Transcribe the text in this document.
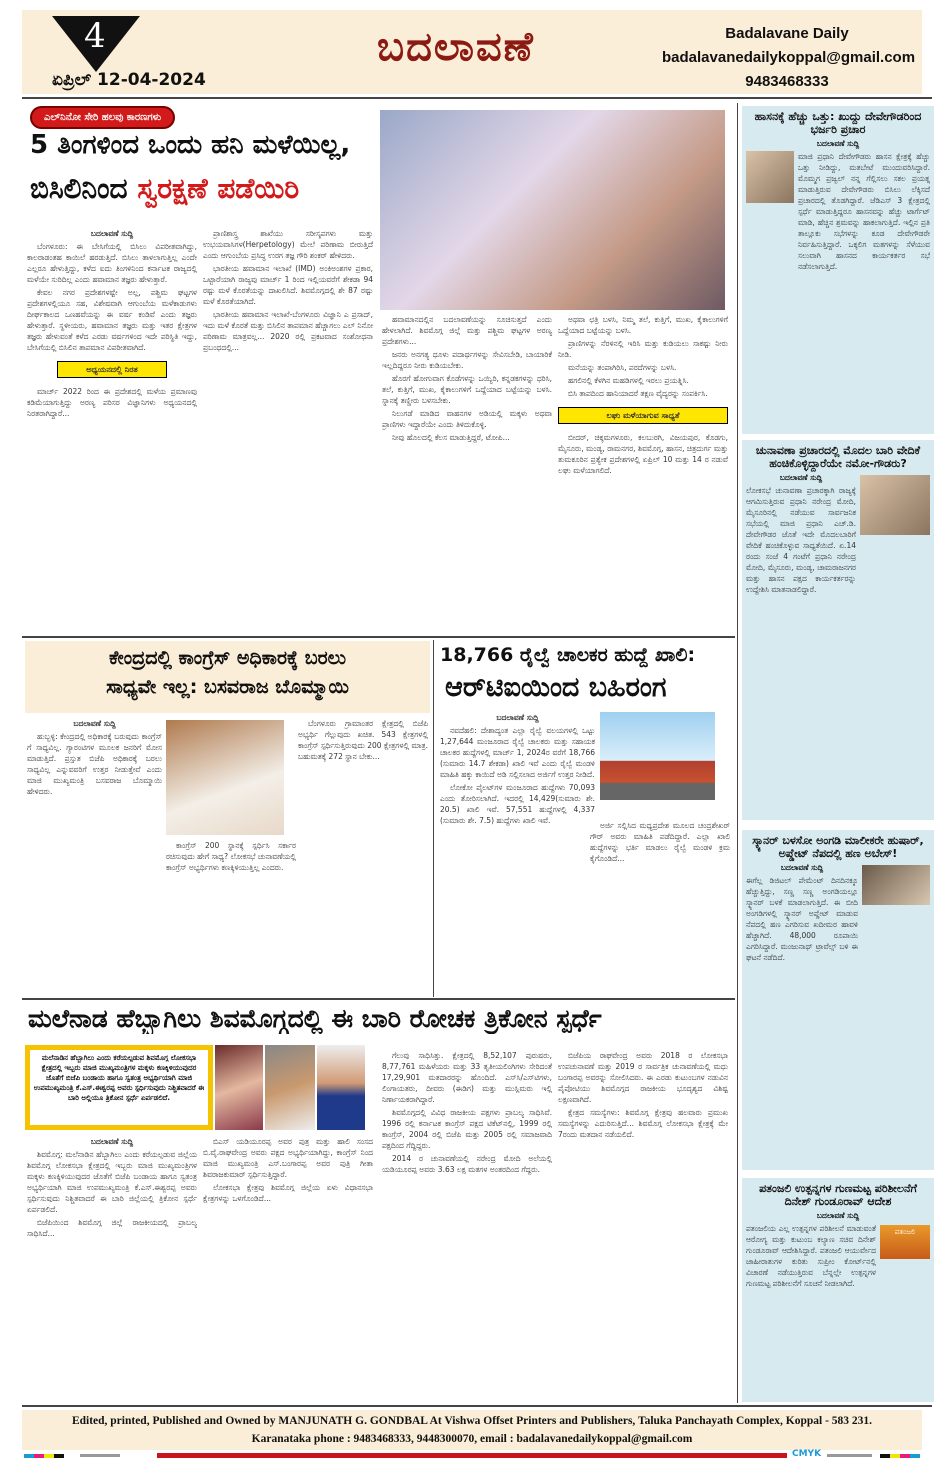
4
ಏಪ್ರಿಲ್ 12-04-2024
ಬದಲಾವಣೆ	Badalavane Daily
badalavanedailykoppal@gmail.com
9483468333
ಎಲ್‌ನಿನೋ ಸೇರಿ ಹಲವು ಕಾರಣಗಳು
5 ತಿಂಗಳಿಂದ ಒಂದು ಹನಿ ಮಳೆಯಿಲ್ಲ,
ಬಿಸಿಲಿನಿಂದ ಸ್ವರಕ್ಷಣೆ ಪಡೆಯಿರಿ
ಬದಲಾವಣೆ ಸುದ್ದಿ

ಬೆಂಗಳೂರು: ಈ ಬೇಸಿಗೆಯಲ್ಲಿ ಬಿಸಿಲು ವಿಪರೀತವಾಗಿದ್ದು, ಕಾಲರಾಡಂತಹ ಕಾಯಿಲೆ ಹರಡುತ್ತಿದೆ. ಬಿಸಿಲು ತಾಳಲಾಗುತ್ತಿಲ್ಲ ಎಂದೇ ಎಲ್ಲರೂ ಹೇಳುತ್ತಿದ್ದು, ಕಳೆದ ಐದು ತಿಂಗಳಿನಿಂದ ಕರ್ನಾಟಕ ರಾಜ್ಯದಲ್ಲಿ ಮಳೆಯೇ ಸುರಿದಿಲ್ಲ ಎಂದು ಹವಾಮಾನ ತಜ್ಞರು ಹೇಳುತ್ತಾರೆ.

ಕೇವಲ ನಗರ ಪ್ರದೇಶಗಳಷ್ಟೇ ಅಲ್ಲ, ಪಶ್ಚಿಮ ಘಟ್ಟಗಳ ಪ್ರದೇಶಗಳಲ್ಲಿಯೂ ಸಹ, ವಿಶೇಷವಾಗಿ ಆಗುಂಬೆಯ ಮಳೆಕಾಡುಗಳು ದೀರ್ಘಕಾಲದ ಒಣಹವೆಯನ್ನು ಈ ವರ್ಷ ಕಂಡಿವೆ ಎಂದು ತಜ್ಞರು ಹೇಳುತ್ತಾರೆ. ಸ್ಥಳೀಯರು, ಹವಾಮಾನ ತಜ್ಞರು ಮತ್ತು ಇತರ ಕ್ಷೇತ್ರಗಳ ತಜ್ಞರು ಹೇಳುವಂತೆ ಕಳೆದ ಎರಡು ವರ್ಷಗಳಿಂದ ಇದೇ ಪರಿಸ್ಥಿತಿ ಇದ್ದು, ಬೇಸಿಗೆಯಲ್ಲಿ ಬಿಸಿಲಿನ ತಾಪಮಾನ ವಿಪರೀತವಾಗಿದೆ.

ಅಧ್ಯಯನದಲ್ಲಿ ನಿರತ

ಮಾರ್ಚ್ 2022 ರಿಂದ ಈ ಪ್ರದೇಶದಲ್ಲಿ ಮಳೆಯ ಪ್ರಮಾಣವು ಕಡಿಮೆಯಾಗುತ್ತಿದ್ದು ಅರಣ್ಯ ಪರಿಸರ ವಿಜ್ಞಾನಿಗಳು ಅಧ್ಯಯನದಲ್ಲಿ ನಿರತರಾಗಿದ್ದಾರೆ...

ಪ್ರಾಣಿಶಾಸ್ತ್ರ ಶಾಖೆಯು ಸರೀಸೃಪಗಳು ಮತ್ತು ಉಭಯವಾಸಿಗಳ(Herpetology) ಮೇಲೆ ಪರಿಣಾಮ ಬೀರುತ್ತಿದೆ ಎಂದು ಆಗುಂಬೆಯ ಪ್ರಸಿದ್ಧ ಉರಗ ತಜ್ಞ ಗೌರಿ ಶಂಕರ್ ಹೇಳಿದರು.

ಭಾರತೀಯ ಹವಾಮಾನ ಇಲಾಖೆ (IMD) ಅಂಕಿಅಂಶಗಳ ಪ್ರಕಾರ, ಒಟ್ಟಾರೆಯಾಗಿ ರಾಜ್ಯವು ಮಾರ್ಚ್ 1 ರಿಂದ ಇಲ್ಲಿಯವರೆಗೆ ಶೇಕಡಾ 94 ರಷ್ಟು ಮಳೆ ಕೊರತೆಯನ್ನು ದಾಖಲಿಸಿದೆ. ಶಿವಮೊಗ್ಗದಲ್ಲಿ ಶೇ 87 ರಷ್ಟು ಮಳೆ ಕೊರತೆಯಾಗಿದೆ.

ಭಾರತೀಯ ಹವಾಮಾನ ಇಲಾಖೆ-ಬೆಂಗಳೂರು ವಿಜ್ಞಾನಿ ಎ ಪ್ರಸಾದ್, ಇದು ಮಳೆ ಕೊರತೆ ಮತ್ತು ಬಿಸಿಲಿನ ತಾಪಮಾನ ಹೆಚ್ಚಾಗಲು ಎಲ್ ನಿನೋ ಪರಿಣಾಮ ಮಾತ್ರವಲ್ಲ... 2020 ರಲ್ಲಿ ಪ್ರಕಟವಾದ ಸಂಶೋಧನಾ ಪ್ರಬಂಧದಲ್ಲಿ...

ಹವಾಮಾನದಲ್ಲಿನ ಬದಲಾವಣೆಯನ್ನು ಸೂಚಿಸುತ್ತದೆ ಎಂದು ಹೇಳಲಾಗಿದೆ. ಶಿವಮೊಗ್ಗ ಜಿಲ್ಲೆ ಮತ್ತು ಪಶ್ಚಿಮ ಘಟ್ಟಗಳ ಅರಣ್ಯ ಪ್ರದೇಶಗಳು...

ಜನರು ಅನಗತ್ಯ ಧೂಳು ಪದಾರ್ಥಗಳನ್ನು ಸೇವಿಸಬೇಡಿ, ಬಾಯಾರಿಕೆ ಇಲ್ಲದಿದ್ದರೂ ನೀರು ಕುಡಿಯಬೇಕು.

ಹೊರಗೆ ಹೋಗುವಾಗ ಕೊಡೆಗಳನ್ನು ಒಯ್ಯಿರಿ, ಕನ್ನಡಕಗಳನ್ನು ಧರಿಸಿ, ತಲೆ, ಕುತ್ತಿಗೆ, ಮುಖ, ಕೈಕಾಲುಗಳಿಗೆ ಒದ್ದೆಯಾದ ಬಟ್ಟೆಯನ್ನು ಬಳಸಿ. ಸ್ನಾನಕ್ಕೆ ತಣ್ಣೀರು ಬಳಸಬೇಕು.

ನಿಲುಗಡೆ ಮಾಡಿದ ವಾಹನಗಳ ಅಡಿಯಲ್ಲಿ ಮಕ್ಕಳು ಅಥವಾ ಪ್ರಾಣಿಗಳು ಇದ್ದಾರೆಯೇ ಎಂದು ತಿಳಿದುಕೊಳ್ಳಿ.

ನೀವು ಹೊಲದಲ್ಲಿ ಕೆಲಸ ಮಾಡುತ್ತಿದ್ದರೆ, ಟೋಪಿ...

ಅಥವಾ ಛತ್ರಿ ಬಳಸಿ, ನಿಮ್ಮ ತಲೆ, ಕುತ್ತಿಗೆ, ಮುಖ, ಕೈಕಾಲುಗಳಿಗೆ ಒದ್ದೆಯಾದ ಬಟ್ಟೆಯನ್ನು ಬಳಸಿ.

ಪ್ರಾಣಿಗಳನ್ನು ನೆರಳಿನಲ್ಲಿ ಇರಿಸಿ ಮತ್ತು ಕುಡಿಯಲು ಸಾಕಷ್ಟು ನೀರು ನೀಡಿ.

ಮನೆಯನ್ನು ತಂಪಾಗಿರಿಸಿ, ಪರದೆಗಳನ್ನು ಬಳಸಿ.

ಹಗಲಿನಲ್ಲಿ ಕೆಳಗಿನ ಮಹಡಿಗಳಲ್ಲಿ ಇರಲು ಪ್ರಯತ್ನಿಸಿ.

ಬಿಸಿ ತಾಪದಿಂದ ಹಾನಿಯಾದರೆ ತಕ್ಷಣ ವೈದ್ಯರನ್ನು ಸಂಪರ್ಕಿಸಿ.

ಲಘು ಮಳೆಯಾಗುವ ಸಾಧ್ಯತೆ

ಬೀದರ್, ಚಿಕ್ಕಮಗಳೂರು, ಕಲಬುರಗಿ, ವಿಜಯಪುರ, ಕೊಡಗು, ಮೈಸೂರು, ಮಂಡ್ಯ, ರಾಮನಗರ, ಶಿವಮೊಗ್ಗ, ಹಾಸನ, ಚಿತ್ರದುರ್ಗ ಮತ್ತು ತುಮಕೂರಿನ ಪ್ರತ್ಯೇಕ ಪ್ರದೇಶಗಳಲ್ಲಿ ಏಪ್ರಿಲ್ 10 ಮತ್ತು 14 ರ ನಡುವೆ ಲಘು ಮಳೆಯಾಗಲಿದೆ.

ಕೇಂದ್ರದಲ್ಲಿ ಕಾಂಗ್ರೆಸ್ ಅಧಿಕಾರಕ್ಕೆ ಬರಲು
ಸಾಧ್ಯವೇ ಇಲ್ಲ: ಬಸವರಾಜ ಬೊಮ್ಮಾಯಿ
ಬದಲಾವಣೆ ಸುದ್ದಿ

ಹುಬ್ಬಳ್ಳಿ: ಕೇಂದ್ರದಲ್ಲಿ ಅಧಿಕಾರಕ್ಕೆ ಬರುವುದು ಕಾಂಗ್ರೆಸ್ ಗೆ ಸಾಧ್ಯವಿಲ್ಲ. ಗ್ಯಾರಂಟಿಗಳ ಮೂಲಕ ಜನರಿಗೆ ಮೋಸ ಮಾಡುತ್ತಿದೆ. ಪ್ರಸ್ತುತ ಬಿಜೆಪಿ ಅಧಿಕಾರಕ್ಕೆ ಬರಲು ಸಾಧ್ಯವಿಲ್ಲ ಎನ್ನುವವರಿಗೆ ಉತ್ತರ ನೀಡುತ್ತೇವೆ ಎಂದು ಮಾಜಿ ಮುಖ್ಯಮಂತ್ರಿ ಬಸವರಾಜ ಬೊಮ್ಮಾಯಿ ಹೇಳಿದರು.

ಕಾಂಗ್ರೆಸ್ 200 ಸ್ಥಾನಕ್ಕೆ ಸ್ಪರ್ಧಿಸಿ ಸರ್ಕಾರ ರಚಿಸುವುದು ಹೇಗೆ ಸಾಧ್ಯ? ಲೋಕಸಭೆ ಚುನಾವಣೆಯಲ್ಲಿ ಕಾಂಗ್ರೆಸ್ ಅಭ್ಯರ್ಥಿಗಳು ಕಣಕ್ಕಿಳಿಯುತ್ತಿಲ್ಲ ಎಂದರು.

ಬೆಂಗಳೂರು ಗ್ರಾಮಾಂತರ ಕ್ಷೇತ್ರದಲ್ಲಿ ಬಿಜೆಪಿ ಅಭ್ಯರ್ಥಿ ಗೆಲ್ಲುವುದು ಖಚಿತ. 543 ಕ್ಷೇತ್ರಗಳಲ್ಲಿ ಕಾಂಗ್ರೆಸ್ ಸ್ಪರ್ಧಿಸುತ್ತಿರುವುದು 200 ಕ್ಷೇತ್ರಗಳಲ್ಲಿ ಮಾತ್ರ. ಬಹುಮತಕ್ಕೆ 272 ಸ್ಥಾನ ಬೇಕು...

18,766 ರೈಲ್ವೆ ಚಾಲಕರ ಹುದ್ದೆ ಖಾಲಿ:
ಆರ್‌ಟಿಐಯಿಂದ ಬಹಿರಂಗ
ಬದಲಾವಣೆ ಸುದ್ದಿ

ನವದೆಹಲಿ: ದೇಶಾದ್ಯಂತ ಎಲ್ಲಾ ರೈಲ್ವೆ ವಲಯಗಳಲ್ಲಿ ಒಟ್ಟು 1,27,644 ಮಂಜೂರಾದ ರೈಲ್ವೆ ಚಾಲಕರು ಮತ್ತು ಸಹಾಯಕ ಚಾಲಕರ ಹುದ್ದೆಗಳಲ್ಲಿ ಮಾರ್ಚ್ 1, 2024ರ ವರೆಗೆ 18,766 (ಸುಮಾರು 14.7 ಶೇಕಡಾ) ಖಾಲಿ ಇವೆ ಎಂದು ರೈಲ್ವೆ ಮಂಡಳಿ ಮಾಹಿತಿ ಹಕ್ಕು ಕಾಯಿದೆ ಅಡಿ ಸಲ್ಲಿಸಲಾದ ಅರ್ಜಿಗೆ ಉತ್ತರ ನೀಡಿದೆ.

ಲೋಕೋ ಪೈಲಟ್‌ಗಳ ಮಂಜೂರಾದ ಹುದ್ದೆಗಳು 70,093 ಎಂದು ತೋರಿಸಲಾಗಿದೆ. ಇದರಲ್ಲಿ 14,429(ಸುಮಾರು ಶೇ. 20.5) ಖಾಲಿ ಇವೆ. 57,551 ಹುದ್ದೆಗಳಲ್ಲಿ 4,337 (ಸುಮಾರು ಶೇ. 7.5) ಹುದ್ದೆಗಳು ಖಾಲಿ ಇವೆ.

ಅರ್ಜಿ ಸಲ್ಲಿಸಿದ ಮಧ್ಯಪ್ರದೇಶ ಮೂಲದ ಚಂದ್ರಶೇಖರ್ ಗೌರ್ ಅವರು ಮಾಹಿತಿ ಪಡೆದಿದ್ದಾರೆ. ಎಲ್ಲಾ ಖಾಲಿ ಹುದ್ದೆಗಳನ್ನು ಭರ್ತಿ ಮಾಡಲು ರೈಲ್ವೆ ಮಂಡಳಿ ಕ್ರಮ ಕೈಗೊಂಡಿದೆ...

ಮಲೆನಾಡ ಹೆಬ್ಬಾಗಿಲು ಶಿವಮೊಗ್ಗದಲ್ಲಿ ಈ ಬಾರಿ ರೋಚಕ ತ್ರಿಕೋನ ಸ್ಪರ್ಧೆ
ಮಲೆನಾಡಿನ ಹೆಬ್ಬಾಗಿಲು ಎಂದು ಕರೆಯಲ್ಪಡುವ ಶಿವಮೊಗ್ಗ ಲೋಕಸಭಾ ಕ್ಷೇತ್ರದಲ್ಲಿ ಇಬ್ಬರು ಮಾಜಿ ಮುಖ್ಯಮಂತ್ರಿಗಳ ಮಕ್ಕಳು ಕಣಕ್ಕಿಳಿಯುವುದರ ಜೊತೆಗೆ ಬಿಜೆಪಿ ಬಂಡಾಯ ಹಾಗೂ ಸ್ವತಂತ್ರ ಅಭ್ಯರ್ಥಿಯಾಗಿ ಮಾಜಿ ಉಪಮುಖ್ಯಮಂತ್ರಿ ಕೆ.ಎಸ್.ಈಶ್ವರಪ್ಪ ಅವರು ಸ್ಪರ್ಧಿಸುವುದು ನಿಶ್ಚಿತವಾದರೆ ಈ ಬಾರಿ ಅಲ್ಲಿಯೂ ತ್ರಿಕೋನ ಸ್ಪರ್ಧೆ ಏರ್ಪಡಲಿದೆ.
ಬದಲಾವಣೆ ಸುದ್ದಿ

ಶಿವಮೊಗ್ಗ: ಮಲೆನಾಡಿನ ಹೆಬ್ಬಾಗಿಲು ಎಂದು ಕರೆಯಲ್ಪಡುವ ಜಿಲ್ಲೆಯ ಶಿವಮೊಗ್ಗ ಲೋಕಸಭಾ ಕ್ಷೇತ್ರದಲ್ಲಿ ಇಬ್ಬರು ಮಾಜಿ ಮುಖ್ಯಮಂತ್ರಿಗಳ ಮಕ್ಕಳು ಕಣಕ್ಕಿಳಿಯುವುದರ ಜೊತೆಗೆ ಬಿಜೆಪಿ ಬಂಡಾಯ ಹಾಗೂ ಸ್ವತಂತ್ರ ಅಭ್ಯರ್ಥಿಯಾಗಿ ಮಾಜಿ ಉಪಮುಖ್ಯಮಂತ್ರಿ ಕೆ.ಎಸ್.ಈಶ್ವರಪ್ಪ ಅವರು ಸ್ಪರ್ಧಿಸುವುದು ನಿಶ್ಚಿತವಾದರೆ ಈ ಬಾರಿ ಜಿಲ್ಲೆಯಲ್ಲಿ ತ್ರಿಕೋನ ಸ್ಪರ್ಧೆ ಏರ್ಪಡಲಿದೆ.

ಬಿಜೆಪಿಯಿಂದ ಶಿವಮೊಗ್ಗ ಜಿಲ್ಲೆ ರಾಜಕೀಯದಲ್ಲಿ ಪ್ರಾಬಲ್ಯ ಸಾಧಿಸಿದೆ...

ಬಿಎಸ್ ಯಡಿಯೂರಪ್ಪ ಅವರ ಪುತ್ರ ಮತ್ತು ಹಾಲಿ ಸಂಸದ ಬಿ.ವೈ.ರಾಘವೇಂದ್ರ ಅವರು ಪಕ್ಷದ ಅಭ್ಯರ್ಥಿಯಾಗಿದ್ದು, ಕಾಂಗ್ರೆಸ್ ನಿಂದ ಮಾಜಿ ಮುಖ್ಯಮಂತ್ರಿ ಎಸ್.ಬಂಗಾರಪ್ಪ ಅವರ ಪುತ್ರಿ ಗೀತಾ ಶಿವರಾಜಕುಮಾರ್ ಸ್ಪರ್ಧಿಸುತ್ತಿದ್ದಾರೆ.

ಲೋಕಸಭಾ ಕ್ಷೇತ್ರವು ಶಿವಮೊಗ್ಗ ಜಿಲ್ಲೆಯ ಏಳು ವಿಧಾನಸಭಾ ಕ್ಷೇತ್ರಗಳನ್ನು ಒಳಗೊಂಡಿದೆ...

ಗೆಲುವು ಸಾಧಿಸಿತ್ತು. ಕ್ಷೇತ್ರದಲ್ಲಿ 8,52,107 ಪುರುಷರು, 8,77,761 ಮಹಿಳೆಯರು ಮತ್ತು 33 ತೃತೀಯಲಿಂಗಿಗಳು ಸೇರಿದಂತೆ 17,29,901 ಮತದಾರರನ್ನು ಹೊಂದಿದೆ. ಎಸ್‌ಸಿ/ಎಸ್‌ಟಿಗಳು, ಲಿಂಗಾಯತರು, ದೀವರು (ಈಡಿಗ) ಮತ್ತು ಮುಸ್ಲಿಮರು ಇಲ್ಲಿ ನಿರ್ಣಾಯಕರಾಗಿದ್ದಾರೆ.

ಶಿವಮೊಗ್ಗದಲ್ಲಿ ವಿವಿಧ ರಾಜಕೀಯ ಪಕ್ಷಗಳು ಪ್ರಾಬಲ್ಯ ಸಾಧಿಸಿವೆ. 1996 ರಲ್ಲಿ ಕರ್ನಾಟಕ ಕಾಂಗ್ರೆಸ್ ಪಕ್ಷದ ಟಿಕೆಟ್‌ನಲ್ಲಿ, 1999 ರಲ್ಲಿ ಕಾಂಗ್ರೆಸ್, 2004 ರಲ್ಲಿ ಬಿಜೆಪಿ ಮತ್ತು 2005 ರಲ್ಲಿ ಸಮಾಜವಾದಿ ಪಕ್ಷದಿಂದ ಗೆದ್ದಿದ್ದರು.

2014 ರ ಚುನಾವಣೆಯಲ್ಲಿ ನರೇಂದ್ರ ಮೋದಿ ಅಲೆಯಲ್ಲಿ ಯಡಿಯೂರಪ್ಪ ಅವರು 3.63 ಲಕ್ಷ ಮತಗಳ ಅಂತರದಿಂದ ಗೆದ್ದರು.

ಬಿಜೆಪಿಯ ರಾಘವೇಂದ್ರ ಅವರು 2018 ರ ಲೋಕಸಭಾ ಉಪಚುನಾವಣೆ ಮತ್ತು 2019 ರ ಸಾರ್ವತ್ರಿಕ ಚುನಾವಣೆಯಲ್ಲಿ ಮಧು ಬಂಗಾರಪ್ಪ ಅವರನ್ನು ಸೋಲಿಸಿದರು. ಈ ಎರಡು ಕುಟುಂಬಗಳ ನಡುವಿನ ಪೈಪೋಟಿಯು ಶಿವಮೊಗ್ಗದ ರಾಜಕೀಯ ಭೂದೃಶ್ಯದ ವಿಶಿಷ್ಟ ಲಕ್ಷಣವಾಗಿದೆ.

ಕ್ಷೇತ್ರದ ಸಮಸ್ಯೆಗಳು: ಶಿವಮೊಗ್ಗ ಕ್ಷೇತ್ರವು ಹಲವಾರು ಪ್ರಮುಖ ಸಮಸ್ಯೆಗಳನ್ನು ಎದುರಿಸುತ್ತಿದೆ... ಶಿವಮೊಗ್ಗ ಲೋಕಸಭಾ ಕ್ಷೇತ್ರಕ್ಕೆ ಮೇ 7ರಂದು ಮತದಾನ ನಡೆಯಲಿದೆ.

ಹಾಸನಕ್ಕೆ ಹೆಚ್ಚು ಒತ್ತು: ಖುದ್ದು ದೇವೇಗೌಡರಿಂದ ಭರ್ಜರಿ ಪ್ರಚಾರ
ಬದಲಾವಣೆ ಸುದ್ದಿ
ಮಾಜಿ ಪ್ರಧಾನಿ ದೇವೇಗೌಡರು ಹಾಸನ ಕ್ಷೇತ್ರಕ್ಕೆ ಹೆಚ್ಚು ಒತ್ತು ನೀಡಿದ್ದು, ಮತಬೇಟೆ ಮುಂದುವರಿಸಿದ್ದಾರೆ. ಮೊಮ್ಮಗ ಪ್ರಜ್ವಲ್ ನನ್ನ ಗೆಲ್ಲಿಸಲು ಸಕಲ ಪ್ರಯತ್ನ ಮಾಡುತ್ತಿರುವ ದೇವೇಗೌಡರು ಬಿಸಿಲು ಲೆಕ್ಕಿಸದೆ ಪ್ರಚಾರದಲ್ಲಿ ತೊಡಗಿದ್ದಾರೆ. ಜೆಡಿಎಸ್ 3 ಕ್ಷೇತ್ರದಲ್ಲಿ ಸ್ಪರ್ಧೆ ಮಾಡುತ್ತಿದ್ದರೂ ಹಾಸನವನ್ನು ಹೆಚ್ಚು ಟಾರ್ಗೆಟ್ ಮಾಡಿ, ಹೆಚ್ಚಿನ ಶ್ರಮವನ್ನು ಹಾಕಲಾಗುತ್ತಿದೆ. ಇಲ್ಲಿನ ಪ್ರತಿ ತಾಲ್ಲೂಕು ಸಭೆಗಳನ್ನು ಕೂಡ ದೇವೇಗೌಡರೇ ನಿರ್ವಹಿಸುತ್ತಿದ್ದಾರೆ. ಒಕ್ಕಲಿಗ ಮತಗಳನ್ನು ಸೆಳೆಯುವ ಸಲುವಾಗಿ ಹಾಸನದ ಕಾರ್ಯಕರ್ತರ ಸಭೆ ನಡೆಸಲಾಗುತ್ತಿದೆ.
ಚುನಾವಣಾ ಪ್ರಚಾರದಲ್ಲಿ ಮೊದಲ ಬಾರಿ ವೇದಿಕೆ ಹಂಚಿಕೊಳ್ಳಿದ್ದಾರೆಯೇ ನಮೋ-ಗೌಡರು?
ಬದಲಾವಣೆ ಸುದ್ದಿ
ಲೋಕಸಭೆ ಚುನಾವಣಾ ಪ್ರಚಾರಕ್ಕಾಗಿ ರಾಜ್ಯಕ್ಕೆ ಆಗಮಿಸುತ್ತಿರುವ ಪ್ರಧಾನಿ ನರೇಂದ್ರ ಮೋದಿ, ಮೈಸೂರಿನಲ್ಲಿ ನಡೆಯುವ ಸಾರ್ವಜನಿಕ ಸಭೆಯಲ್ಲಿ ಮಾಜಿ ಪ್ರಧಾನಿ ಎಚ್.ಡಿ. ದೇವೇಗೌಡರ ಜೊತೆ ಇದೇ ಮೊದಲಬಾರಿಗೆ ವೇದಿಕೆ ಹಂಚಿಕೊಳ್ಳುವ ಸಾಧ್ಯತೆಯಿದೆ. ಏ.14 ರಂದು ಸಂಜೆ 4 ಗಂಟೆಗೆ ಪ್ರಧಾನಿ ನರೇಂದ್ರ ಮೋದಿ, ಮೈಸೂರು, ಮಂಡ್ಯ, ಚಾಮರಾಜನಗರ ಮತ್ತು ಹಾಸನ ಪಕ್ಷದ ಕಾರ್ಯಕರ್ತರನ್ನು ಉದ್ದೇಶಿಸಿ ಮಾತನಾಡಲಿದ್ದಾರೆ.
ಸ್ಕ್ಯಾನರ್ ಬಳಸೋ ಅಂಗಡಿ ಮಾಲೀಕರೇ ಹುಷಾರ್, ಅಪ್ಡೇಟ್ ನೆಪದಲ್ಲಿ ಹಣ ಅಬೇಸ್!
ಬದಲಾವಣೆ ಸುದ್ದಿ
ಈಗೆಲ್ಲ ಡಿಜಿಟಲ್ ಪೇಮೆಂಟ್ ದಿನದಿನಕ್ಕೂ ಹೆಚ್ಚುತ್ತಿದ್ದು, ಸಣ್ಣ ಸಣ್ಣ ಅಂಗಡಿಯಲ್ಲೂ ಸ್ಕ್ಯಾನರ್ ಬಳಕೆ ಮಾಡಲಾಗುತ್ತಿದೆ. ಈ ಬೀದಿ ಅಂಗಡಿಗಳಲ್ಲಿ ಸ್ಕ್ಯಾನರ್ ಅಪ್ಡೇಟ್ ಮಾಡುವ ನೆಪದಲ್ಲಿ ಹಣ ಎಗರಿಸುವ ಖದೀಮರ ಹಾವಳಿ ಹೆಚ್ಚಾಗಿದೆ. 48,000 ರೂಪಾಯಿ ಎಗರಿಸಿದ್ದಾರೆ. ಮಂಜುನಾಥ್ ಟ್ರಾವೆಲ್ಸ್ ಬಳಿ ಈ ಘಟನೆ ನಡೆದಿದೆ.
ಪತಂಜಲಿ ಉತ್ಪನ್ನಗಳ ಗುಣಮಟ್ಟ ಪರಿಶೀಲನೆಗೆ ದಿನೇಶ್ ಗುಂಡೂರಾವ್ ಆದೇಶ
ಬದಲಾವಣೆ ಸುದ್ದಿ
ಪತಂಜಲಿ
ಪತಂಜಲಿಯ ಎಲ್ಲ ಉತ್ಪನ್ನಗಳ ಪರಿಶೀಲನೆ ಮಾಡುವಂತೆ ಆರೋಗ್ಯ ಮತ್ತು ಕುಟುಂಬ ಕಲ್ಯಾಣ ಸಚಿವ ದಿನೇಶ್ ಗುಂಡೂರಾವ್ ಆದೇಶಿಸಿದ್ದಾರೆ. ಪತಂಜಲಿ ಆಯುರ್ವೇದ ಜಾಹೀರಾತುಗಳ ಕುರಿತು ಸುಪ್ರೀಂ ಕೋರ್ಟ್‌ನಲ್ಲಿ ವಿಚಾರಣೆ ನಡೆಯುತ್ತಿರುವ ಬೆನ್ನಲ್ಲೇ ಉತ್ಪನ್ನಗಳ ಗುಣಮಟ್ಟ ಪರಿಶೀಲನೆಗೆ ಸೂಚನೆ ನೀಡಲಾಗಿದೆ.
Edited, printed, Published and Owned by MANJUNATH G. GONDBAL At Vishwa Offset Printers and Publishers, Taluka Panchayath Complex, Koppal - 583 231.
Karanataka phone : 9483468333, 9448300070, email : badalavanedailykoppal@gmail.com
CMYK
